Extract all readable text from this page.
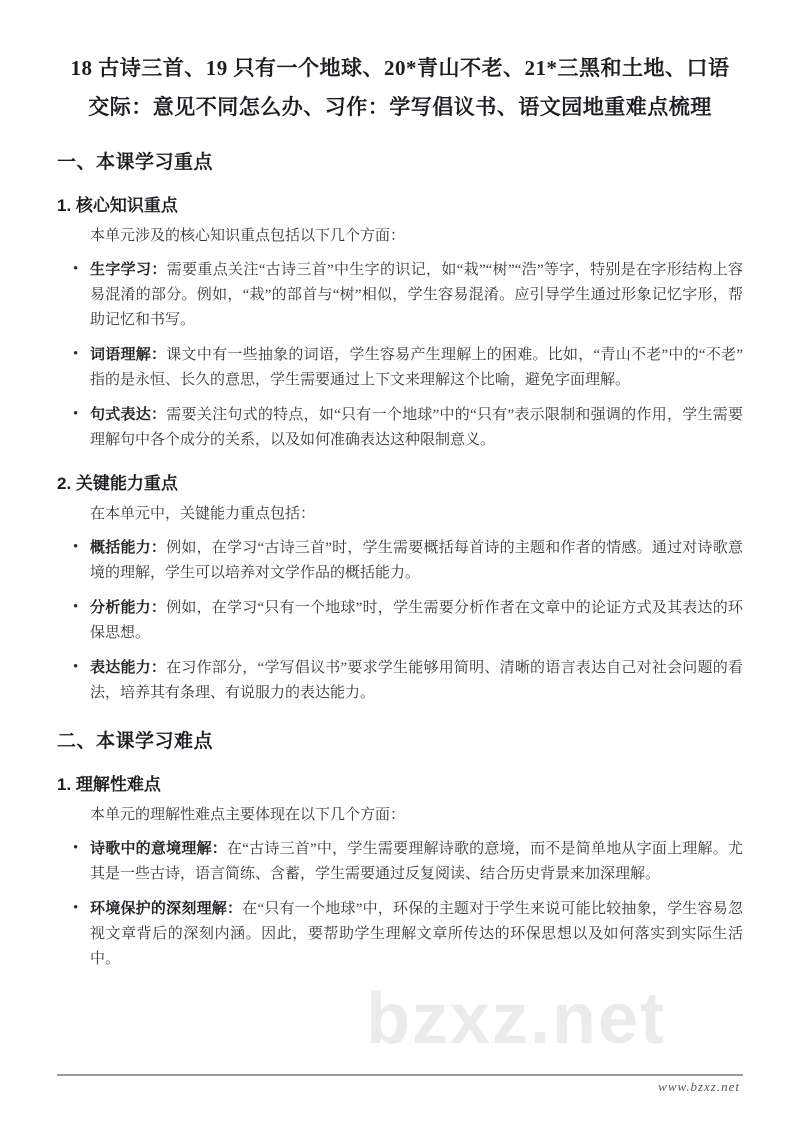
bzxz.net
18 古诗三首、19 只有一个地球、20*青山不老、21*三黑和土地、口语
交际：意见不同怎么办、习作：学写倡议书、语文园地重难点梳理
一、本课学习重点
1. 核心知识重点

本单元涉及的核心知识重点包括以下几个方面：

• 生字学习：需要重点关注“古诗三首”中生字的识记，如“栽”“树”“浩”等字，特别是在字形结构上容易混淆的部分。例如，“栽”的部首与“树”相似，学生容易混淆。应引导学生通过形象记忆字形，帮助记忆和书写。
• 词语理解：课文中有一些抽象的词语，学生容易产生理解上的困难。比如，“青山不老”中的“不老”指的是永恒、长久的意思，学生需要通过上下文来理解这个比喻，避免字面理解。
• 句式表达：需要关注句式的特点，如“只有一个地球”中的“只有”表示限制和强调的作用，学生需要理解句中各个成分的关系，以及如何准确表达这种限制意义。
2. 关键能力重点

在本单元中，关键能力重点包括：

• 概括能力：例如，在学习“古诗三首”时，学生需要概括每首诗的主题和作者的情感。通过对诗歌意境的理解，学生可以培养对文学作品的概括能力。
• 分析能力：例如，在学习“只有一个地球”时，学生需要分析作者在文章中的论证方式及其表达的环保思想。
• 表达能力：在习作部分，“学写倡议书”要求学生能够用简明、清晰的语言表达自己对社会问题的看法，培养其有条理、有说服力的表达能力。
二、本课学习难点
1. 理解性难点

本单元的理解性难点主要体现在以下几个方面：

• 诗歌中的意境理解：在“古诗三首”中，学生需要理解诗歌的意境，而不是简单地从字面上理解。尤其是一些古诗，语言简练、含蓄，学生需要通过反复阅读、结合历史背景来加深理解。
• 环境保护的深刻理解：在“只有一个地球”中，环保的主题对于学生来说可能比较抽象，学生容易忽视文章背后的深刻内涵。因此，要帮助学生理解文章所传达的环保思想以及如何落实到实际生活中。
www.bzxz.net
